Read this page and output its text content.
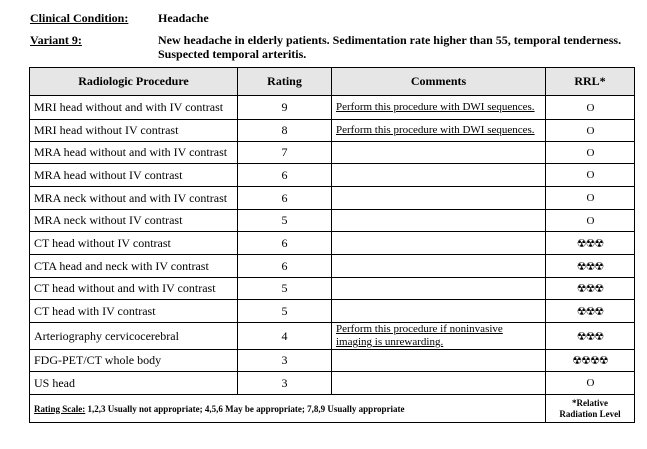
Clinical Condition: Headache
Variant 9:	New headache in elderly patients. Sedimentation rate higher than 55, temporal tenderness. Suspected temporal arteritis.
Radiologic Procedure	Rating	Comments	RRL*
MRI head without and with IV contrast	9	Perform this procedure with DWI sequences.	O
MRI head without IV contrast	8	Perform this procedure with DWI sequences.	O
MRA head without and with IV contrast	7		O
MRA head without IV contrast	6		O
MRA neck without and with IV contrast	6		O
MRA neck without IV contrast	5		O
CT head without IV contrast	6		☢☢☢
CTA head and neck with IV contrast	6		☢☢☢
CT head without and with IV contrast	5		☢☢☢
CT head with IV contrast	5		☢☢☢
Arteriography cervicocerebral	4	Perform this procedure if noninvasive imaging is unrewarding.	☢☢☢
FDG-PET/CT whole body	3		☢☢☢☢
US head	3		O
Rating Scale: 1,2,3 Usually not appropriate; 4,5,6 May be appropriate; 7,8,9 Usually appropriate			*Relative
Radiation Level
